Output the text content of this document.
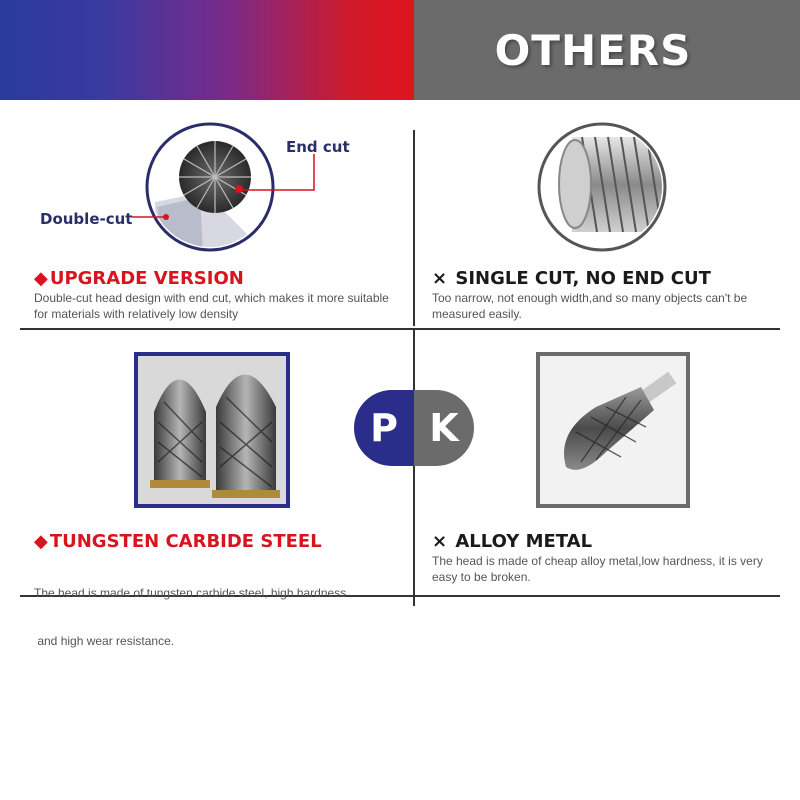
OTHERS
End cut
Double-cut
◆ UPGRADE VERSION
Double-cut head design with end cut, which makes it more suitable
for materials with relatively low density
× SINGLE CUT, NO END CUT
Too narrow, not enough width,and so many objects can't be
measured easily.
◆ TUNGSTEN CARBIDE STEEL

The head is made of tungsten carbide steel, high hardness

and high wear resistance.

× ALLOY METAL
The head is made of cheap alloy metal,low hardness, it is very
easy to be broken.
P K
